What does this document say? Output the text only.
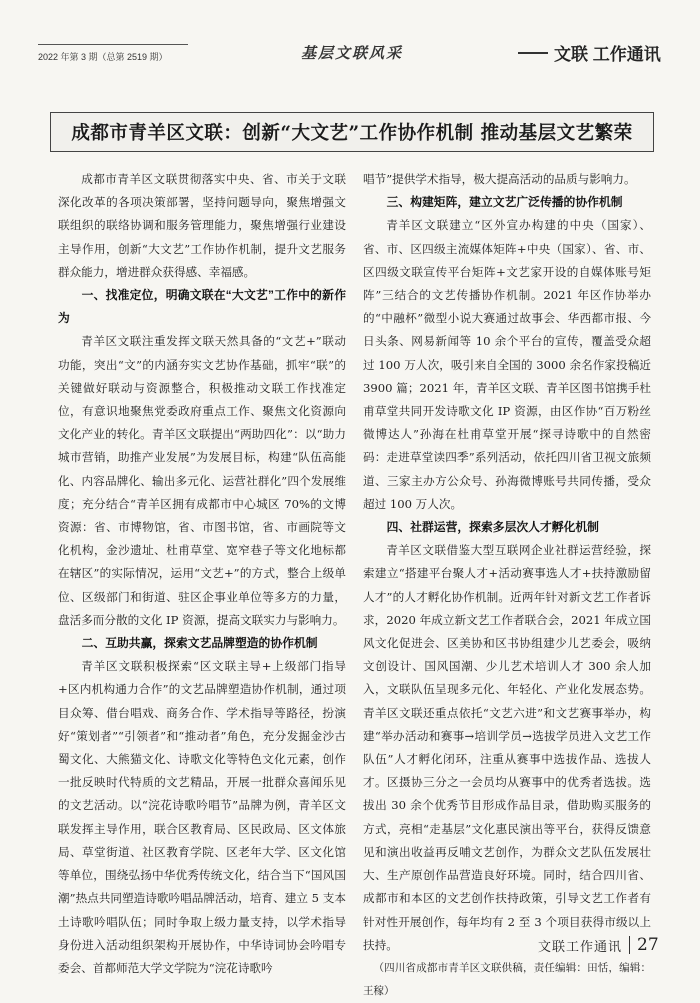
2022 年第 3 期（总第 2519 期）	基层文联风采	文联 工作通讯
成都市青羊区文联：创新“大文艺”工作协作机制 推动基层文艺繁荣

成都市青羊区文联贯彻落实中央、省、市关于文联深化改革的各项决策部署，坚持问题导向，聚焦增强文联组织的联络协调和服务管理能力，聚焦增强行业建设主导作用，创新“大文艺”工作协作机制，提升文艺服务群众能力，增进群众获得感、幸福感。

一、找准定位，明确文联在“大文艺”工作中的新作为

青羊区文联注重发挥文联天然具备的“文艺+”联动功能，突出“文”的内涵夯实文艺协作基础，抓牢“联”的关键做好联动与资源整合，积极推动文联工作找准定位，有意识地聚焦党委政府重点工作、聚焦文化资源向文化产业的转化。青羊区文联提出“两助四化”：以“助力城市营销，助推产业发展”为发展目标，构建“队伍高能化、内容品牌化、输出多元化、运营社群化”四个发展维度；充分结合“青羊区拥有成都市中心城区 70%的文博资源：省、市博物馆，省、市图书馆，省、市画院等文化机构，金沙遗址、杜甫草堂、宽窄巷子等文化地标都在辖区”的实际情况，运用“文艺+”的方式，整合上级单位、区级部门和街道、驻区企事业单位等多方的力量，盘活多而分散的文化 IP 资源，提高文联实力与影响力。

二、互助共赢，探索文艺品牌塑造的协作机制

青羊区文联积极探索“区文联主导+上级部门指导+区内机构通力合作”的文艺品牌塑造协作机制，通过项目众筹、借台唱戏、商务合作、学术指导等路径，扮演好“策划者”“引领者”和“推动者”角色，充分发掘金沙古蜀文化、大熊猫文化、诗歌文化等特色文化元素，创作一批反映时代特质的文艺精品，开展一批群众喜闻乐见的文艺活动。以“浣花诗歌吟唱节”品牌为例，青羊区文联发挥主导作用，联合区教育局、区民政局、区文体旅局、草堂街道、社区教育学院、区老年大学、区文化馆等单位，围绕弘扬中华优秀传统文化，结合当下“国风国潮”热点共同塑造诗歌吟唱品牌活动，培育、建立 5 支本土诗歌吟唱队伍；同时争取上级力量支持，以学术指导身份进入活动组织架构开展协作，中华诗词协会吟唱专委会、首都师范大学文学院为“浣花诗歌吟

唱节”提供学术指导，极大提高活动的品质与影响力。

三、构建矩阵，建立文艺广泛传播的协作机制

青羊区文联建立“区外宣办构建的中央（国家）、省、市、区四级主流媒体矩阵+中央（国家）、省、市、区四级文联宣传平台矩阵+文艺家开设的自媒体账号矩阵”三结合的文艺传播协作机制。2021 年区作协举办的“中融杯”微型小说大赛通过故事会、华西都市报、今日头条、网易新闻等 10 余个平台的宣传，覆盖受众超过 100 万人次，吸引来自全国的 3000 余名作家投稿近 3900 篇；2021 年，青羊区文联、青羊区图书馆携手杜甫草堂共同开发诗歌文化 IP 资源，由区作协“百万粉丝微博达人”孙海在杜甫草堂开展“探寻诗歌中的自然密码：走进草堂读四季”系列活动，依托四川省卫视文旅频道、三家主办方公众号、孙海微博账号共同传播，受众超过 100 万人次。

四、社群运营，探索多层次人才孵化机制

青羊区文联借鉴大型互联网企业社群运营经验，探索建立“搭建平台聚人才+活动赛事选人才+扶持激励留人才”的人才孵化协作机制。近两年针对新文艺工作者诉求，2020 年成立新文艺工作者联合会，2021 年成立国风文化促进会、区美协和区书协组建少儿艺委会，吸纳文创设计、国风国潮、少儿艺术培训人才 300 余人加入，文联队伍呈现多元化、年轻化、产业化发展态势。青羊区文联还重点依托“文艺六进”和文艺赛事举办，构建“举办活动和赛事→培训学员→选拔学员进入文艺工作队伍”人才孵化闭环，注重从赛事中选拔作品、选拔人才。区摄协三分之一会员均从赛事中的优秀者选拔。选拔出 30 余个优秀节目形成作品目录，借助购买服务的方式，亮相“走基层”文化惠民演出等平台，获得反馈意见和演出收益再反哺文艺创作，为群众文艺队伍发展壮大、生产原创作品营造良好环境。同时，结合四川省、成都市和本区的文艺创作扶持政策，引导文艺工作者有针对性开展创作，每年均有 2 至 3 个项目获得市级以上扶持。

（四川省成都市青羊区文联供稿，责任编辑：田恬，编辑：王稼）

文联工作通讯 27
